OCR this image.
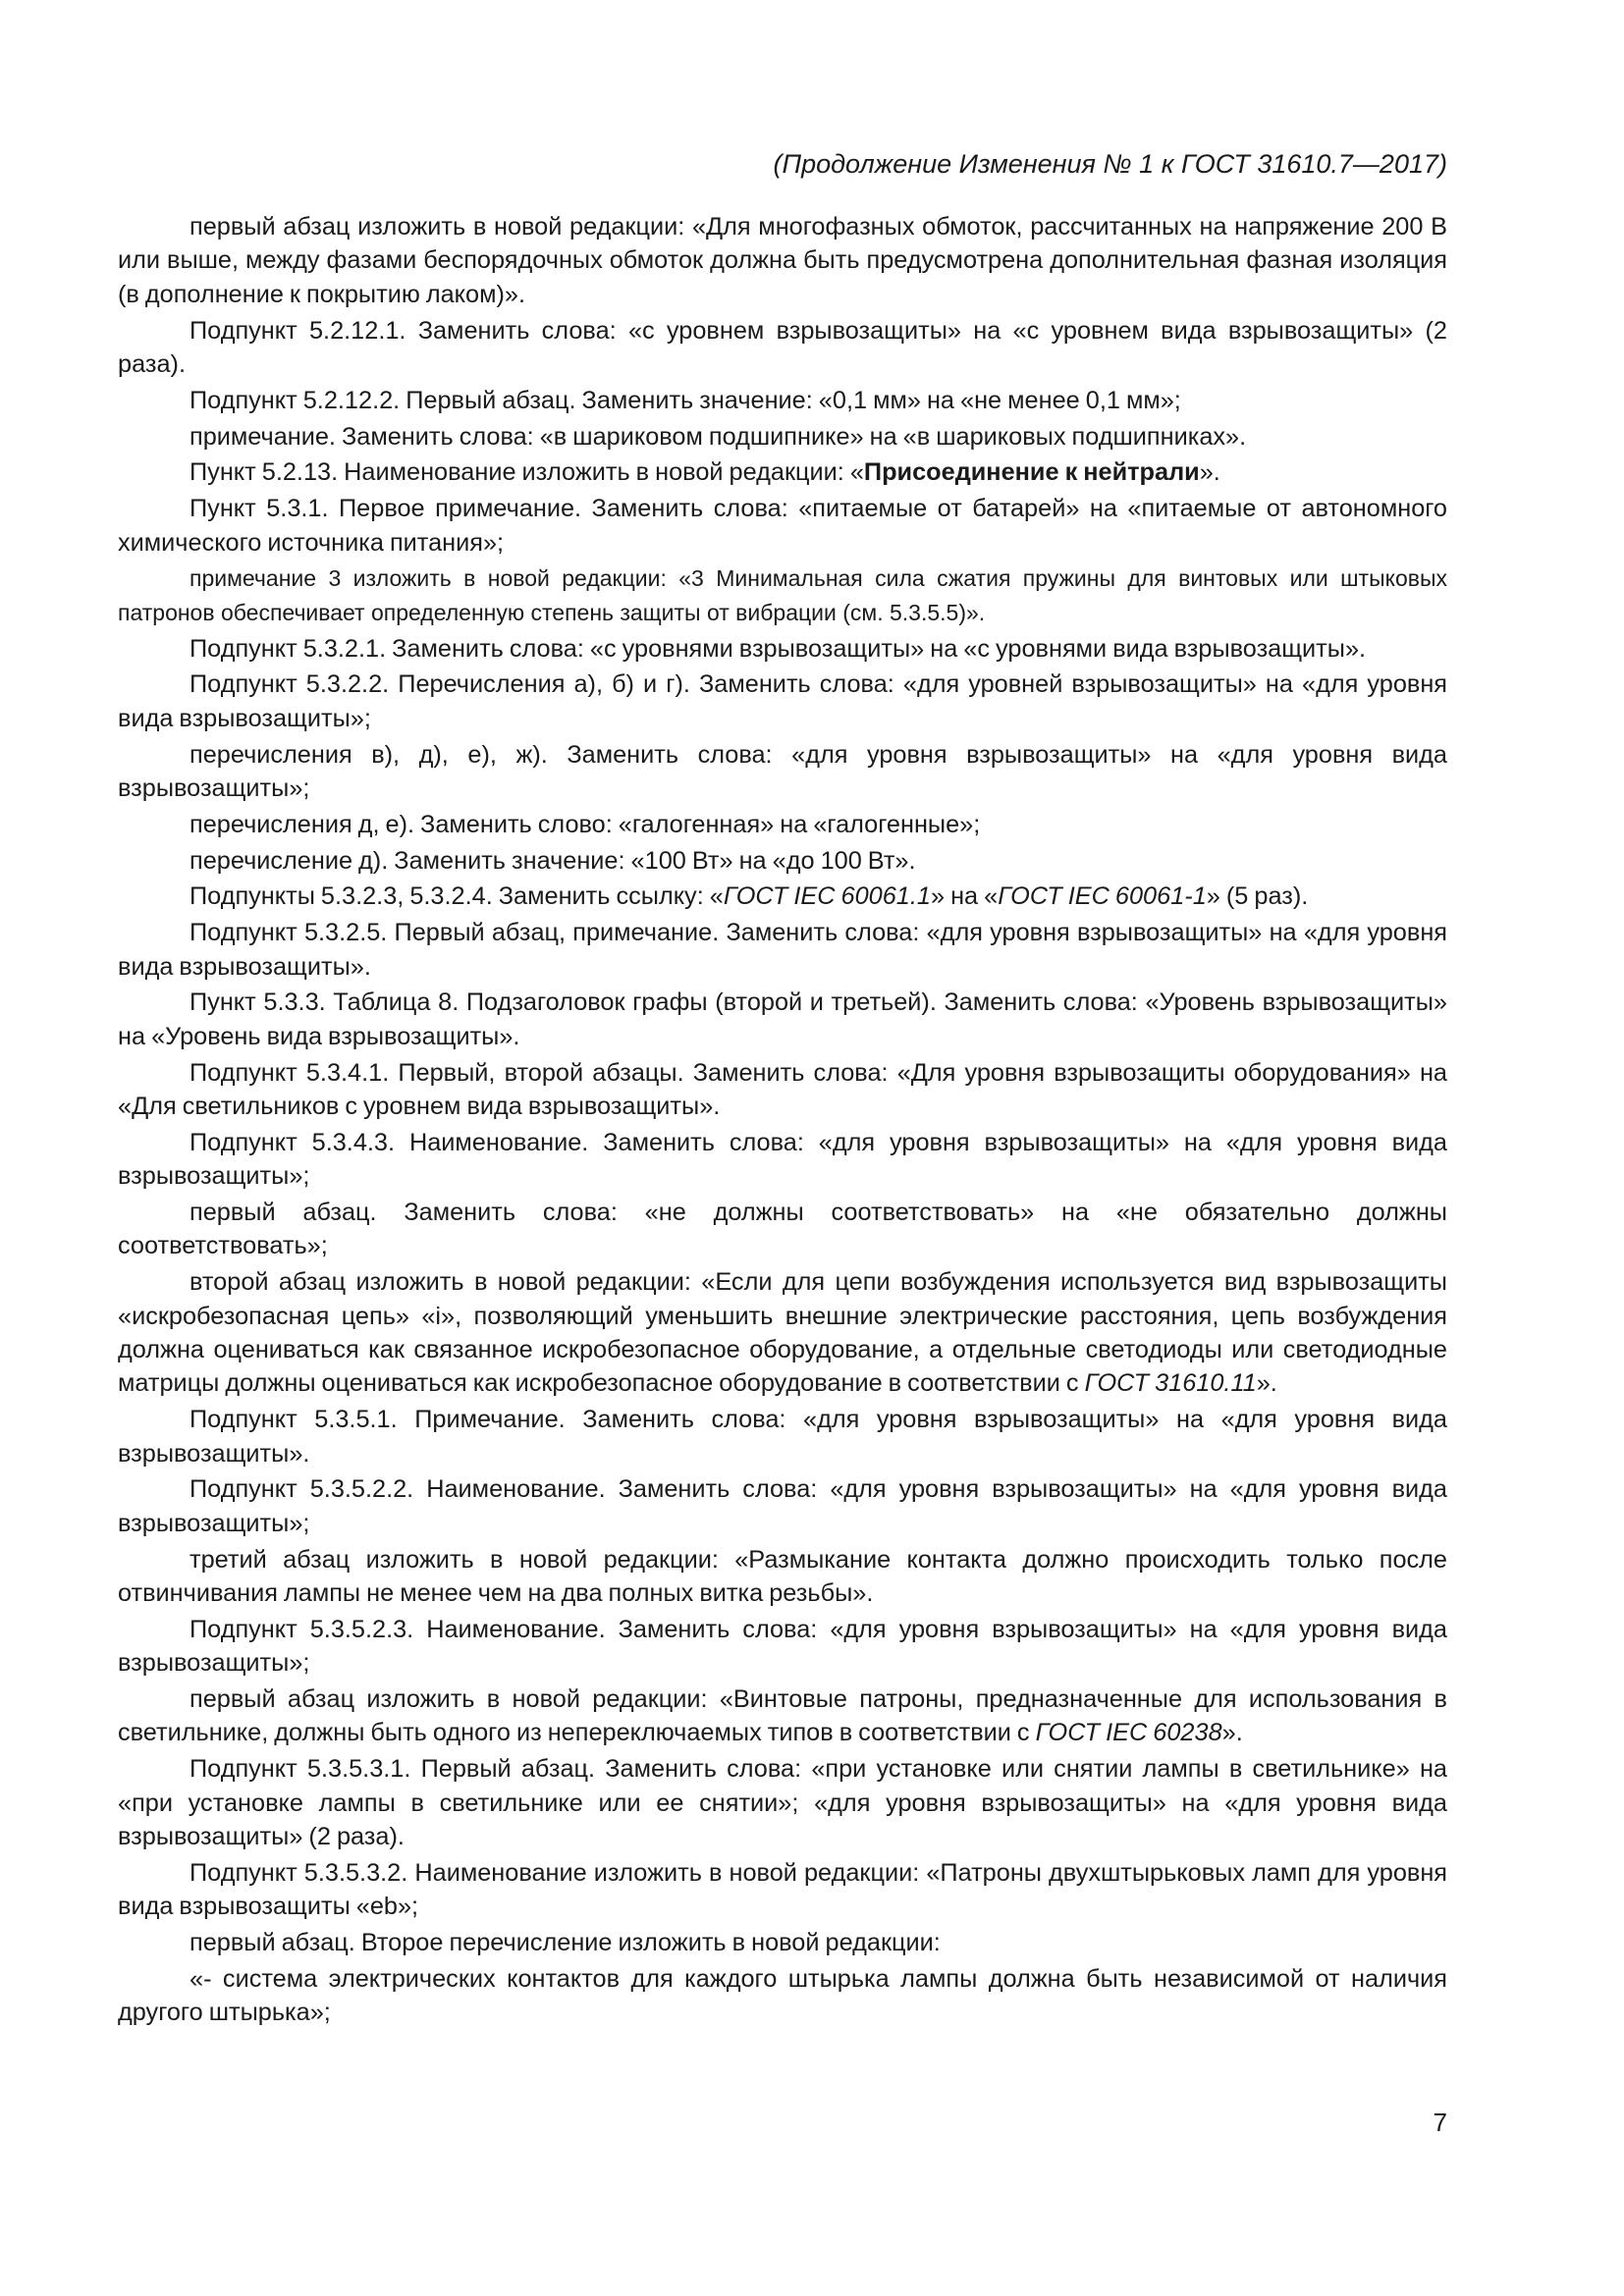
(Продолжение Изменения № 1 к ГОСТ 31610.7—2017)

первый абзац изложить в новой редакции: «Для многофазных обмоток, рассчитанных на напряжение 200 В или выше, между фазами беспорядочных обмоток должна быть предусмотрена дополнительная фазная изоляция (в дополнение к покрытию лаком)».

Подпункт 5.2.12.1. Заменить слова: «с уровнем взрывозащиты» на «с уровнем вида взрывозащиты» (2 раза).

Подпункт 5.2.12.2. Первый абзац. Заменить значение: «0,1 мм» на «не менее 0,1 мм»;

примечание. Заменить слова: «в шариковом подшипнике» на «в шариковых подшипниках».

Пункт 5.2.13. Наименование изложить в новой редакции: «Присоединение к нейтрали».

Пункт 5.3.1. Первое примечание. Заменить слова: «питаемые от батарей» на «питаемые от автономного химического источника питания»;

примечание 3 изложить в новой редакции: «3 Минимальная сила сжатия пружины для винтовых или штыковых патронов обеспечивает определенную степень защиты от вибрации (см. 5.3.5.5)».

Подпункт 5.3.2.1. Заменить слова: «с уровнями взрывозащиты» на «с уровнями вида взрывозащиты».

Подпункт 5.3.2.2. Перечисления а), б) и г). Заменить слова: «для уровней взрывозащиты» на «для уровня вида взрывозащиты»;

перечисления в), д), е), ж). Заменить слова: «для уровня взрывозащиты» на «для уровня вида взрывозащиты»;

перечисления д, е). Заменить слово: «галогенная» на «галогенные»;

перечисление д). Заменить значение: «100 Вт» на «до 100 Вт».

Подпункты 5.3.2.3, 5.3.2.4. Заменить ссылку: «ГОСТ IEC 60061.1» на «ГОСТ IEC 60061-1» (5 раз).

Подпункт 5.3.2.5. Первый абзац, примечание. Заменить слова: «для уровня взрывозащиты» на «для уровня вида взрывозащиты».

Пункт 5.3.3. Таблица 8. Подзаголовок графы (второй и третьей). Заменить слова: «Уровень взрывозащиты» на «Уровень вида взрывозащиты».

Подпункт 5.3.4.1. Первый, второй абзацы. Заменить слова: «Для уровня взрывозащиты оборудования» на «Для светильников с уровнем вида взрывозащиты».

Подпункт 5.3.4.3. Наименование. Заменить слова: «для уровня взрывозащиты» на «для уровня вида взрывозащиты»;

первый абзац. Заменить слова: «не должны соответствовать» на «не обязательно должны соответствовать»;

второй абзац изложить в новой редакции: «Если для цепи возбуждения используется вид взрывозащиты «искробезопасная цепь» «i», позволяющий уменьшить внешние электрические расстояния, цепь возбуждения должна оцениваться как связанное искробезопасное оборудование, а отдельные светодиоды или светодиодные матрицы должны оцениваться как искробезопасное оборудование в соответствии с ГОСТ 31610.11».

Подпункт 5.3.5.1. Примечание. Заменить слова: «для уровня взрывозащиты» на «для уровня вида взрывозащиты».

Подпункт 5.3.5.2.2. Наименование. Заменить слова: «для уровня взрывозащиты» на «для уровня вида взрывозащиты»;

третий абзац изложить в новой редакции: «Размыкание контакта должно происходить только после отвинчивания лампы не менее чем на два полных витка резьбы».

Подпункт 5.3.5.2.3. Наименование. Заменить слова: «для уровня взрывозащиты» на «для уровня вида взрывозащиты»;

первый абзац изложить в новой редакции: «Винтовые патроны, предназначенные для использования в светильнике, должны быть одного из непереключаемых типов в соответствии с ГОСТ IEC 60238».

Подпункт 5.3.5.3.1. Первый абзац. Заменить слова: «при установке или снятии лампы в светильнике» на «при установке лампы в светильнике или ее снятии»; «для уровня взрывозащиты» на «для уровня вида взрывозащиты» (2 раза).

Подпункт 5.3.5.3.2. Наименование изложить в новой редакции: «Патроны двухштырьковых ламп для уровня вида взрывозащиты «eb»;

первый абзац. Второе перечисление изложить в новой редакции:

«- система электрических контактов для каждого штырька лампы должна быть независимой от наличия другого штырька»;

7
